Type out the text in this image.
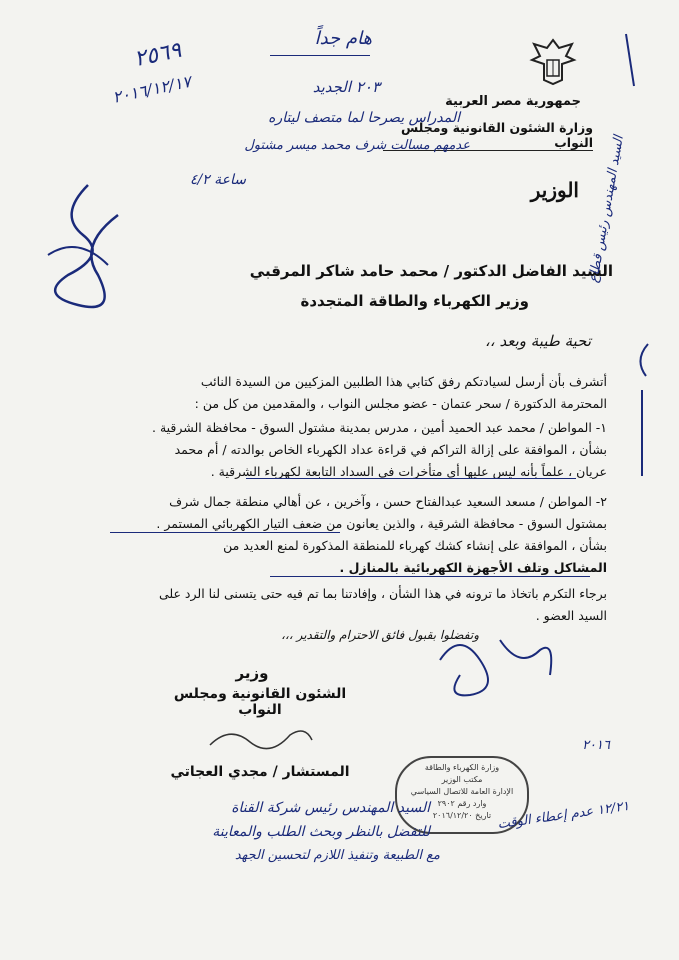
جمهورية مصر العربية
وزارة الشئون القانونية ومجلس النواب
الوزير
هام جداً
٢٥٦٩
٢٠١٦/١٢/١٧	٢٠٣ الجديد
المدراس يصرحا لما متصف ليتاره
عدمهم مسالت شرف محمد ميسر مشتول
ساعة ٤/٢
السيد الفاضل الدكتور / محمد حامد شاكر المرقبي
وزير الكهرباء والطاقة المتجددة
تحية طيبة وبعد ،،
أتشرف بأن أرسل لسيادتكم رفق كتابي هذا الطلبين المزكيين من السيدة النائب
المحترمة الدكتورة / سحر عتمان - عضو مجلس النواب ، والمقدمين من كل من :
١- المواطن / محمد عبد الحميد أمين ، مدرس بمدينة مشتول السوق - محافظة الشرقية .
بشأن ، الموافقة على إزالة التراكم في قراءة عداد الكهرباء الخاص بوالدته / أم محمد
عريان ، علماً بأنه ليس عليها أي متأخرات في السداد التابعة لكهرباء الشرقية .
٢- المواطن / مسعد السعيد عبدالفتاح حسن ، وآخرين ، عن أهالي منطقة جمال شرف
بمشتول السوق - محافظة الشرقية ، والذين يعانون من ضعف التيار الكهربائي المستمر .
بشأن ، الموافقة على إنشاء كشك كهرباء للمنطقة المذكورة لمنع العديد من
المشاكل وتلف الأجهزة الكهربائية بالمنازل .
برجاء التكرم باتخاذ ما ترونه في هذا الشأن ، وإفادتنا بما تم فيه حتى يتسنى لنا الرد على
السيد العضو .
وتفضلوا بقبول فائق الاحترام والتقدير ،،،
وزير
الشئون القانونية ومجلس النواب
المستشار / مجدي العجاتي	وزارة الكهرباء والطاقة
مكتب الوزير
الإدارة العامة للاتصال السياسي
وارد رقم ٢٩٠٢
تاريخ ٢٠١٦/١٢/٢٠
السيد المهندس رئيس شركة القناة
للتفضل بالنظر وبحث الطلب والمعاينة
مع الطبيعة وتنفيذ اللازم لتحسين الجهد
٢٠١٦
١٢/٢١ عدم إعطاء الوقت
السيد المهندس رئيس قطاع
